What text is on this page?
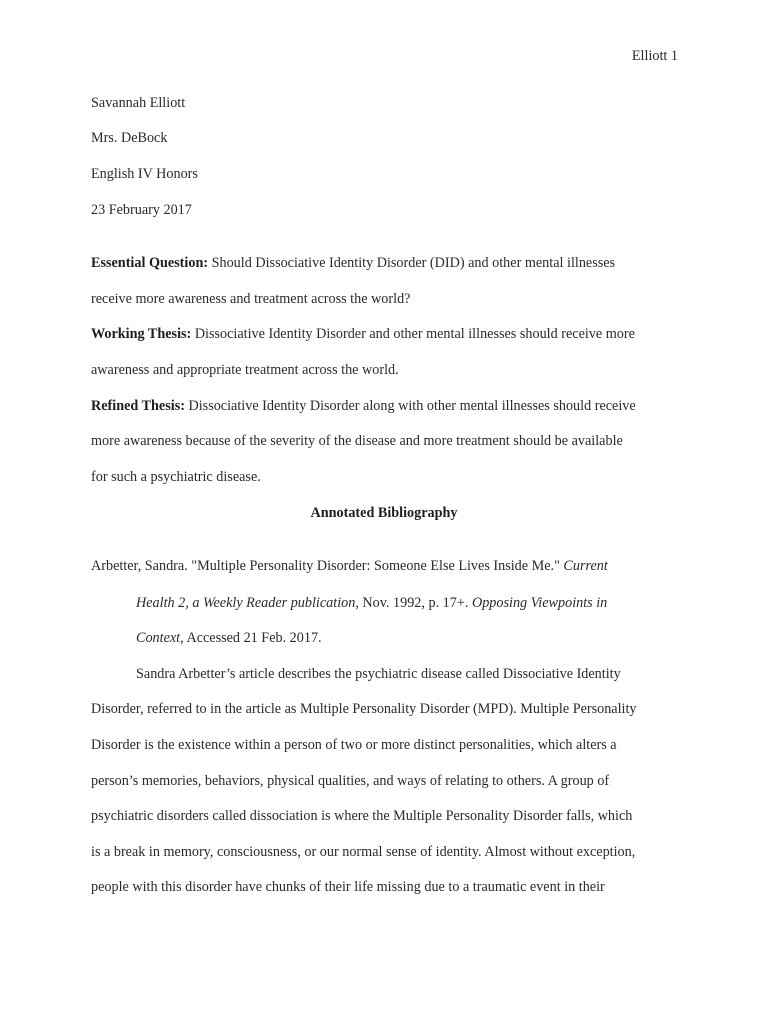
Elliott 1
Savannah Elliott
Mrs. DeBock
English IV Honors
23 February 2017
Essential Question: Should Dissociative Identity Disorder (DID) and other mental illnesses
receive more awareness and treatment across the world?
Working Thesis: Dissociative Identity Disorder and other mental illnesses should receive more
awareness and appropriate treatment across the world.
Refined Thesis: Dissociative Identity Disorder along with other mental illnesses should receive
more awareness because of the severity of the disease and more treatment should be available
for such a psychiatric disease.
Annotated Bibliography
Arbetter, Sandra. "Multiple Personality Disorder: Someone Else Lives Inside Me." Current
Health 2, a Weekly Reader publication, Nov. 1992, p. 17+. Opposing Viewpoints in
Context, Accessed 21 Feb. 2017.
Sandra Arbetter’s article describes the psychiatric disease called Dissociative Identity
Disorder, referred to in the article as Multiple Personality Disorder (MPD). Multiple Personality
Disorder is the existence within a person of two or more distinct personalities, which alters a
person’s memories, behaviors, physical qualities, and ways of relating to others. A group of
psychiatric disorders called dissociation is where the Multiple Personality Disorder falls, which
is a break in memory, consciousness, or our normal sense of identity. Almost without exception,
people with this disorder have chunks of their life missing due to a traumatic event in their
